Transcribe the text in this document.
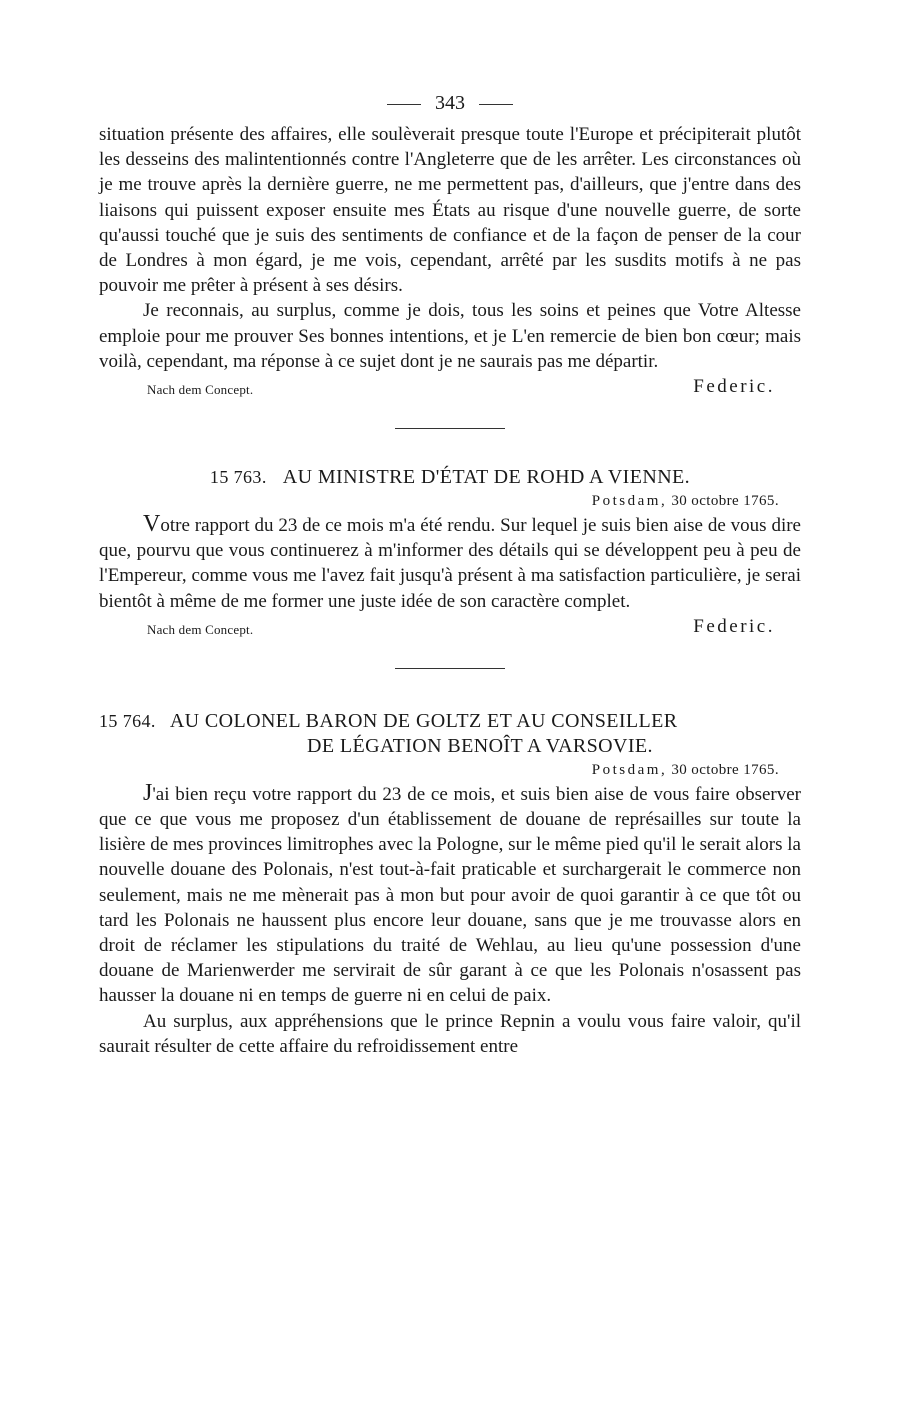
343

situation présente des affaires, elle soulèverait presque toute l'Europe et précipiterait plutôt les desseins des malintentionnés contre l'Angleterre que de les arrêter. Les circonstances où je me trouve après la dernière guerre, ne me permettent pas, d'ailleurs, que j'entre dans des liaisons qui puissent exposer ensuite mes États au risque d'une nouvelle guerre, de sorte qu'aussi touché que je suis des sentiments de confiance et de la façon de penser de la cour de Londres à mon égard, je me vois, cependant, arrêté par les susdits motifs à ne pas pouvoir me prêter à présent à ses désirs.

Je reconnais, au surplus, comme je dois, tous les soins et peines que Votre Altesse emploie pour me prouver Ses bonnes intentions, et je L'en remercie de bien bon cœur; mais voilà, cependant, ma réponse à ce sujet dont je ne saurais pas me départir.

Nach dem Concept.	Federic.
15 763. AU MINISTRE D'ÉTAT DE ROHD A VIENNE.
Potsdam, 30 octobre 1765.

Votre rapport du 23 de ce mois m'a été rendu. Sur lequel je suis bien aise de vous dire que, pourvu que vous continuerez à m'informer des détails qui se développent peu à peu de l'Empereur, comme vous me l'avez fait jusqu'à présent à ma satisfaction particulière, je serai bientôt à même de me former une juste idée de son caractère complet.

Nach dem Concept.	Federic.
15 764. AU COLONEL BARON DE GOLTZ ET AU CONSEILLER
DE LÉGATION BENOÎT A VARSOVIE.
Potsdam, 30 octobre 1765.

J'ai bien reçu votre rapport du 23 de ce mois, et suis bien aise de vous faire observer que ce que vous me proposez d'un établissement de douane de représailles sur toute la lisière de mes provinces limitrophes avec la Pologne, sur le même pied qu'il le serait alors la nouvelle douane des Polonais, n'est tout-à-fait praticable et surchargerait le commerce non seulement, mais ne me mènerait pas à mon but pour avoir de quoi garantir à ce que tôt ou tard les Polonais ne haussent plus encore leur douane, sans que je me trouvasse alors en droit de réclamer les stipulations du traité de Wehlau, au lieu qu'une possession d'une douane de Marienwerder me servirait de sûr garant à ce que les Polonais n'osassent pas hausser la douane ni en temps de guerre ni en celui de paix.

Au surplus, aux appréhensions que le prince Repnin a voulu vous faire valoir, qu'il saurait résulter de cette affaire du refroidissement entre
